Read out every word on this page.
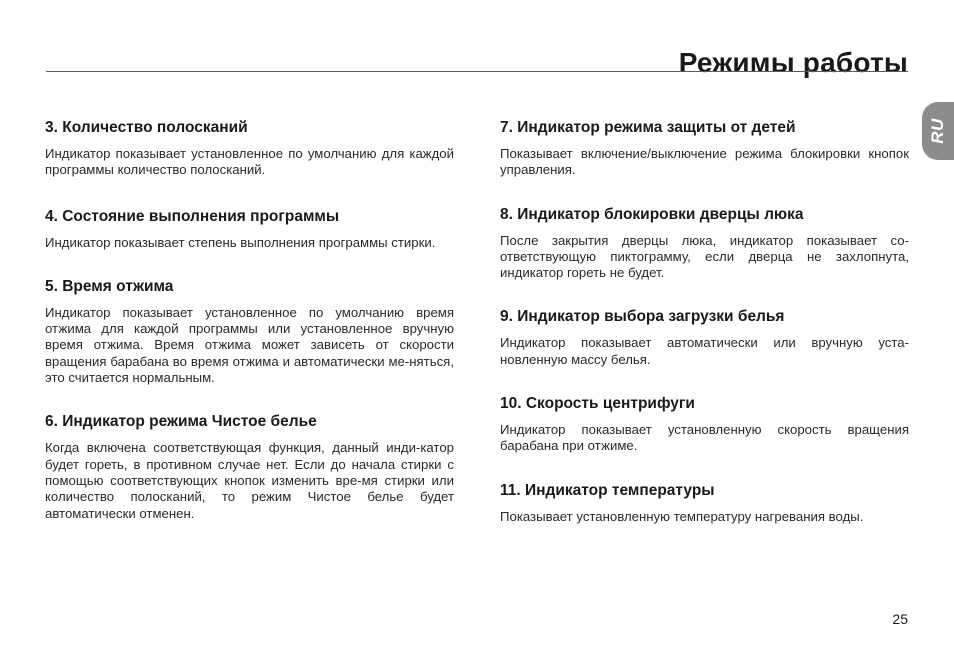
Режимы работы
RU
3. Количество полосканий

Индикатор показывает установленное по умолчанию для каждой программы количество полосканий.

4. Состояние выполнения программы

Индикатор показывает степень выполнения программы стирки.

5. Время отжима

Индикатор показывает установленное по умолчанию время отжима для каждой программы или установленное вручную время отжима. Время отжима может зависеть от скорости вращения барабана во время отжима и автоматически ме-няться, это считается нормальным.

6. Индикатор режима Чистое белье

Когда включена соответствующая функция, данный инди-катор будет гореть, в противном случае нет. Если до начала стирки с помощью соответствующих кнопок изменить вре-мя стирки или количество полосканий, то режим Чистое белье будет автоматически отменен.

7. Индикатор режима защиты от детей

Показывает включение/выключение режима блокировки кнопок управления.

8. Индикатор блокировки дверцы люка

После закрытия дверцы люка, индикатор показывает со-ответствующую пиктограмму, если дверца не захлопнута, индикатор гореть не будет.

9. Индикатор выбора загрузки белья

Индикатор показывает автоматически или вручную уста-новленную массу белья.

10. Скорость центрифуги

Индикатор показывает установленную скорость вращения барабана при отжиме.

11. Индикатор температуры

Показывает установленную температуру нагревания воды.

25
